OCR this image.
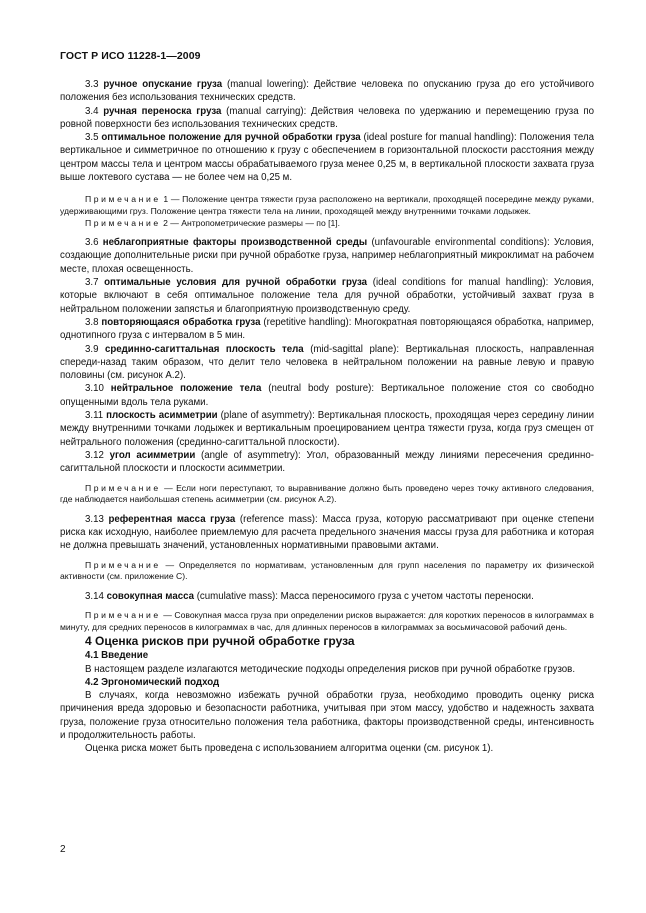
ГОСТ Р ИСО 11228-1—2009

3.3 ручное опускание груза (manual lowering): Действие человека по опусканию груза до его устойчивого положения без использования технических средств.

3.4 ручная переноска груза (manual carrying): Действия человека по удержанию и перемещению груза по ровной поверхности без использования технических средств.

3.5 оптимальное положение для ручной обработки груза (ideal posture for manual handling): Положения тела вертикальное и симметричное по отношению к грузу с обеспечением в горизонтальной плоскости расстояния между центром массы тела и центром массы обрабатываемого груза менее 0,25 м, в вертикальной плоскости захвата груза выше локтевого сустава — не более чем на 0,25 м.

Примечание 1 — Положение центра тяжести груза расположено на вертикали, проходящей посередине между руками, удерживающими груз. Положение центра тяжести тела на линии, проходящей между внутренними точками лодыжек.

Примечание 2 — Антропометрические размеры — по [1].

3.6 неблагоприятные факторы производственной среды (unfavourable environmental conditions): Условия, создающие дополнительные риски при ручной обработке груза, например неблагоприятный микроклимат на рабочем месте, плохая освещенность.

3.7 оптимальные условия для ручной обработки груза (ideal conditions for manual handling): Условия, которые включают в себя оптимальное положение тела для ручной обработки, устойчивый захват груза в нейтральном положении запястья и благоприятную производственную среду.

3.8 повторяющаяся обработка груза (repetitive handling): Многократная повторяющаяся обработка, например, однотипного груза с интервалом в 5 мин.

3.9 срединно-сагиттальная плоскость тела (mid-sagittal plane): Вертикальная плоскость, направленная спереди-назад таким образом, что делит тело человека в нейтральном положении на равные левую и правую половины (см. рисунок А.2).

3.10 нейтральное положение тела (neutral body posture): Вертикальное положение стоя со свободно опущенными вдоль тела руками.

3.11 плоскость асимметрии (plane of asymmetry): Вертикальная плоскость, проходящая через середину линии между внутренними точками лодыжек и вертикальным проецированием центра тяжести груза, когда груз смещен от нейтрального положения (срединно-сагиттальной плоскости).

3.12 угол асимметрии (angle of asymmetry): Угол, образованный между линиями пересечения срединно-сагиттальной плоскости и плоскости асимметрии.

Примечание — Если ноги переступают, то выравнивание должно быть проведено через точку активного следования, где наблюдается наибольшая степень асимметрии (см. рисунок А.2).

3.13 референтная масса груза (reference mass): Масса груза, которую рассматривают при оценке степени риска как исходную, наиболее приемлемую для расчета предельного значения массы груза для работника и которая не должна превышать значений, установленных нормативными правовыми актами.

Примечание — Определяется по нормативам, установленным для групп населения по параметру их физической активности (см. приложение С).

3.14 совокупная масса (cumulative mass): Масса переносимого груза с учетом частоты переноски.

Примечание — Совокупная масса груза при определении рисков выражается: для коротких переносов в килограммах в минуту, для средних переносов в килограммах в час, для длинных переносов в килограммах за восьмичасовой рабочий день.

4 Оценка рисков при ручной обработке груза

4.1 Введение

В настоящем разделе излагаются методические подходы определения рисков при ручной обработке грузов.

4.2 Эргономический подход

В случаях, когда невозможно избежать ручной обработки груза, необходимо проводить оценку риска причинения вреда здоровью и безопасности работника, учитывая при этом массу, удобство и надежность захвата груза, положение груза относительно положения тела работника, факторы производственной среды, интенсивность и продолжительность работы.

Оценка риска может быть проведена с использованием алгоритма оценки (см. рисунок 1).

2
